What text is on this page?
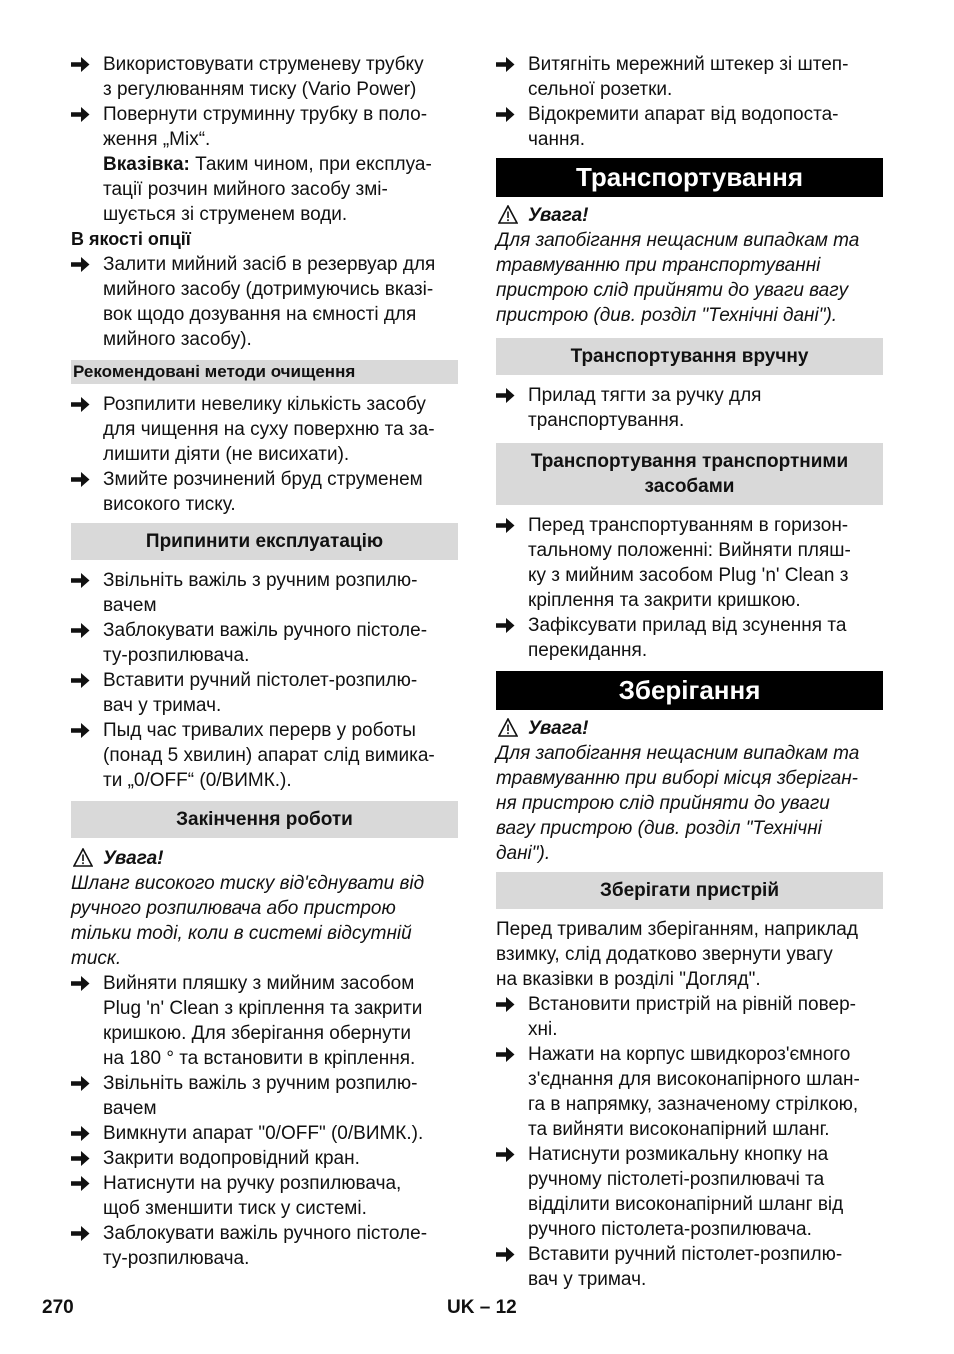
Використовувати струменеву трубку
з регулюванням тиску (Vario Power)
Повернути струминну трубку в поло-
ження „Mix“.
Вказівка: Таким чином, при експлуа-
тації розчин мийного засобу змі-
шується зі струменем води.
В якості опції
Залити мийний засіб в резервуар для
мийного засобу (дотримуючись вказі-
вок щодо дозування на ємності для
мийного засобу).
Рекомендовані методи очищення
Розпилити невелику кількість засобу
для чищення на суху поверхню та за-
лишити діяти (не висихати).
Змийте розчинений бруд струменем
високого тиску.
Припинити експлуатацію
Звільніть важіль з ручним розпилю-
вачем
Заблокувати важіль ручного пістоле-
ту-розпилювача.
Вставити ручний пістолет-розпилю-
вач у тримач.
Пыд час тривалих перерв у роботы
(понад 5 хвилин) апарат слід вимика-
ти „0/OFF“ (0/ВИМК.).
Закінчення роботи
Увага!
Шланг високого тиску від'єднувати від
ручного розпилювача або пристрою
тільки тоді, коли в системі відсутній
тиск.
Вийняти пляшку з мийним засобом
Plug 'n' Clean з кріплення та закрити
кришкою. Для зберігання обернути
на 180 ° та встановити в кріплення.
Звільніть важіль з ручним розпилю-
вачем
Вимкнути апарат "0/OFF" (0/ВИМК.).
Закрити водопровідний кран.
Натиснути на ручку розпилювача,
щоб зменшити тиск у системі.
Заблокувати важіль ручного пістоле-
ту-розпилювача.
Витягніть мережний штекер зі штеп-
сельної розетки.
Відокремити апарат від водопоста-
чання.
Транспортування
Увага!
Для запобігання нещасним випадкам та
травмуванню при транспортуванні
пристрою слід прийняти до уваги вагу
пристрою (див. розділ "Технічні дані").
Транспортування вручну
Прилад тягти за ручку для
транспортування.
Транспортування транспортними
засобами
Перед транспортуванням в горизон-
тальному положенні: Вийняти пляш-
ку з мийним засобом Plug 'n' Clean з
кріплення та закрити кришкою.
Зафіксувати прилад від зсунення та
перекидання.
Зберігання
Увага!
Для запобігання нещасним випадкам та
травмуванню при виборі місця зберіган-
ня пристрою слід прийняти до уваги
вагу пристрою (див. розділ "Технічні
дані").
Зберігати пристрій
Перед тривалим зберіганням, наприклад
взимку, слід додатково звернути увагу
на вказівки в розділі "Догляд".
Встановити пристрій на рівній повер-
хні.
Нажати на корпус швидкороз'ємного
з'єднання для високонапірного шлан-
га в напрямку, зазначеному стрілкою,
та вийняти високонапірний шланг.
Натиснути розмикальну кнопку на
ручному пістолеті-розпилювачі та
відділити високонапірний шланг від
ручного пістолета-розпилювача.
Вставити ручний пістолет-розпилю-
вач у тримач.
270	UK – 12
